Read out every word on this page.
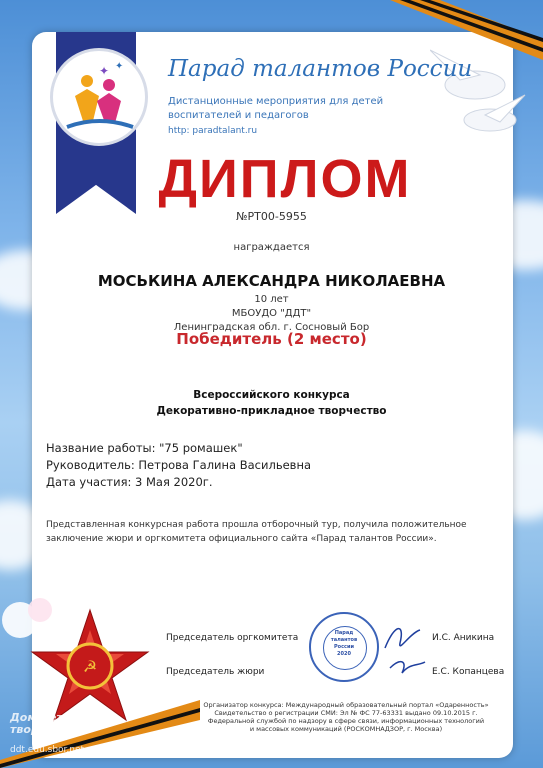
✦ ✦ Парад талантов России
Дистанционные мероприятия для детей
воспитателей и педагогов
http: paradtalant.ru
ДИПЛОМ
№РТ00-5955
награждается
МОСЬКИНА АЛЕКСАНДРА НИКОЛАЕВНА
10 лет
МБОУДО "ДДТ"
Ленинградская обл. г. Сосновый Бор
Победитель (2 место)
Всероссийского конкурса
Декоративно-прикладное творчество
Название работы: "75 ромашек"
Руководитель: Петрова Галина Васильевна
Дата участия: 3 Мая 2020г.
Представленная конкурсная работа прошла отборочный тур, получила положительное заключение жюри и оргкомитета официального сайта «Парад талантов России».
Председатель оргкомитета	И.С. Аникина
Председатель жюри	Е.С. Копанцева
Парад
талантов
России
2020
Организатор конкурса: Международный образовательный портал «Одаренность»
Свидетельство о регистрации СМИ: Эл № ФС 77-63331 выдано 09.10.2015 г.
Федеральной службой по надзору в сфере связи, информационных технологий
и массовых коммуникаций (РОСКОМНАДЗОР, г. Москва)
☭
Дом детского
творчества
ddt.edu.sbor.net
